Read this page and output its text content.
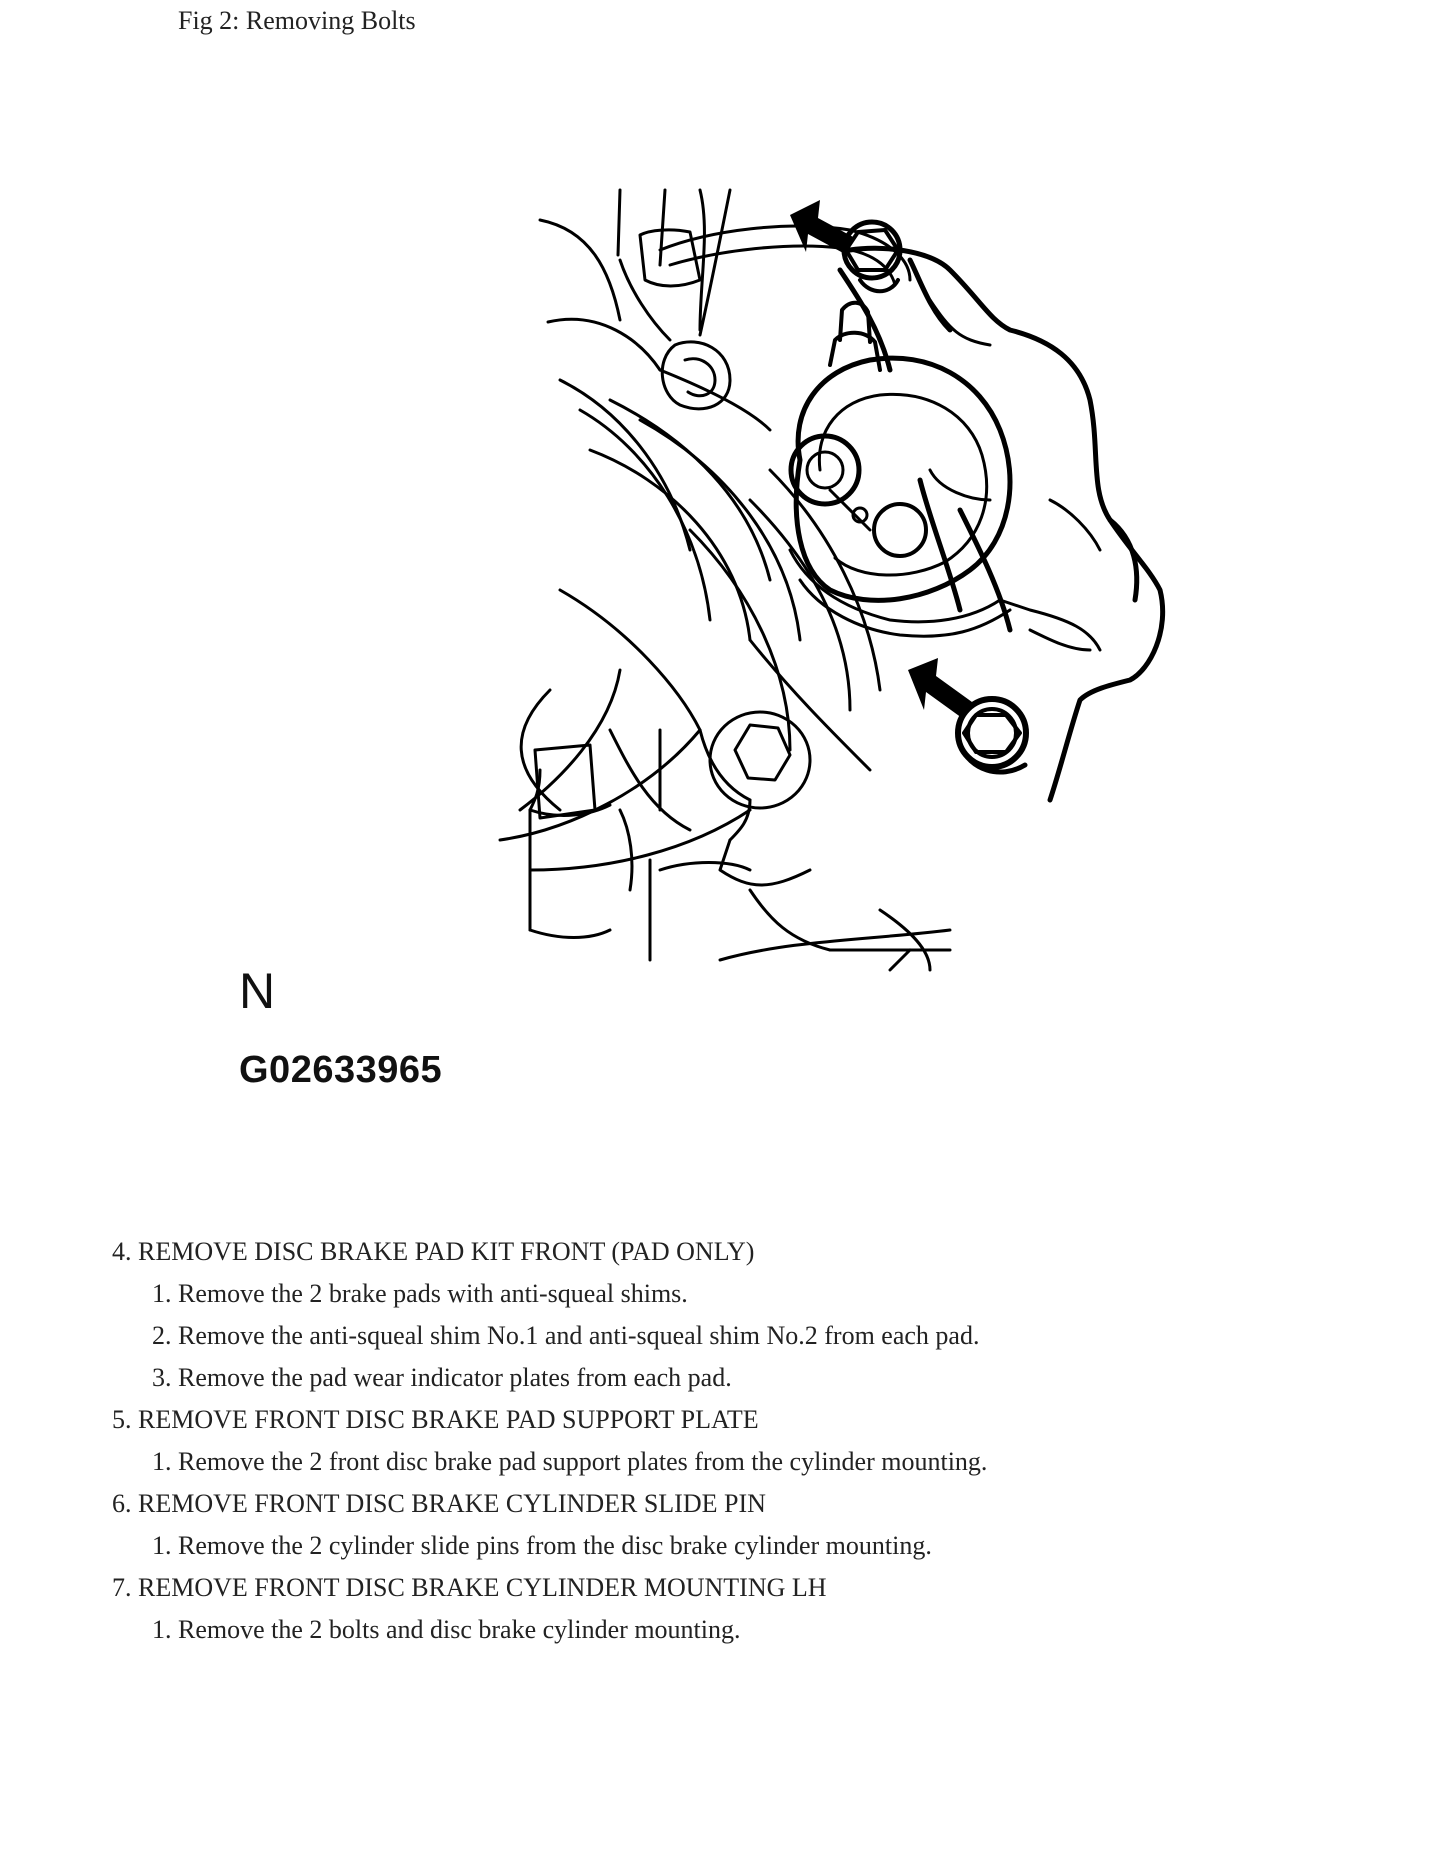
Fig 2: Removing Bolts
N
G02633965
4. REMOVE DISC BRAKE PAD KIT FRONT (PAD ONLY)
1. Remove the 2 brake pads with anti-squeal shims.
2. Remove the anti-squeal shim No.1 and anti-squeal shim No.2 from each pad.
3. Remove the pad wear indicator plates from each pad.
5. REMOVE FRONT DISC BRAKE PAD SUPPORT PLATE
1. Remove the 2 front disc brake pad support plates from the cylinder mounting.
6. REMOVE FRONT DISC BRAKE CYLINDER SLIDE PIN
1. Remove the 2 cylinder slide pins from the disc brake cylinder mounting.
7. REMOVE FRONT DISC BRAKE CYLINDER MOUNTING LH
1. Remove the 2 bolts and disc brake cylinder mounting.
